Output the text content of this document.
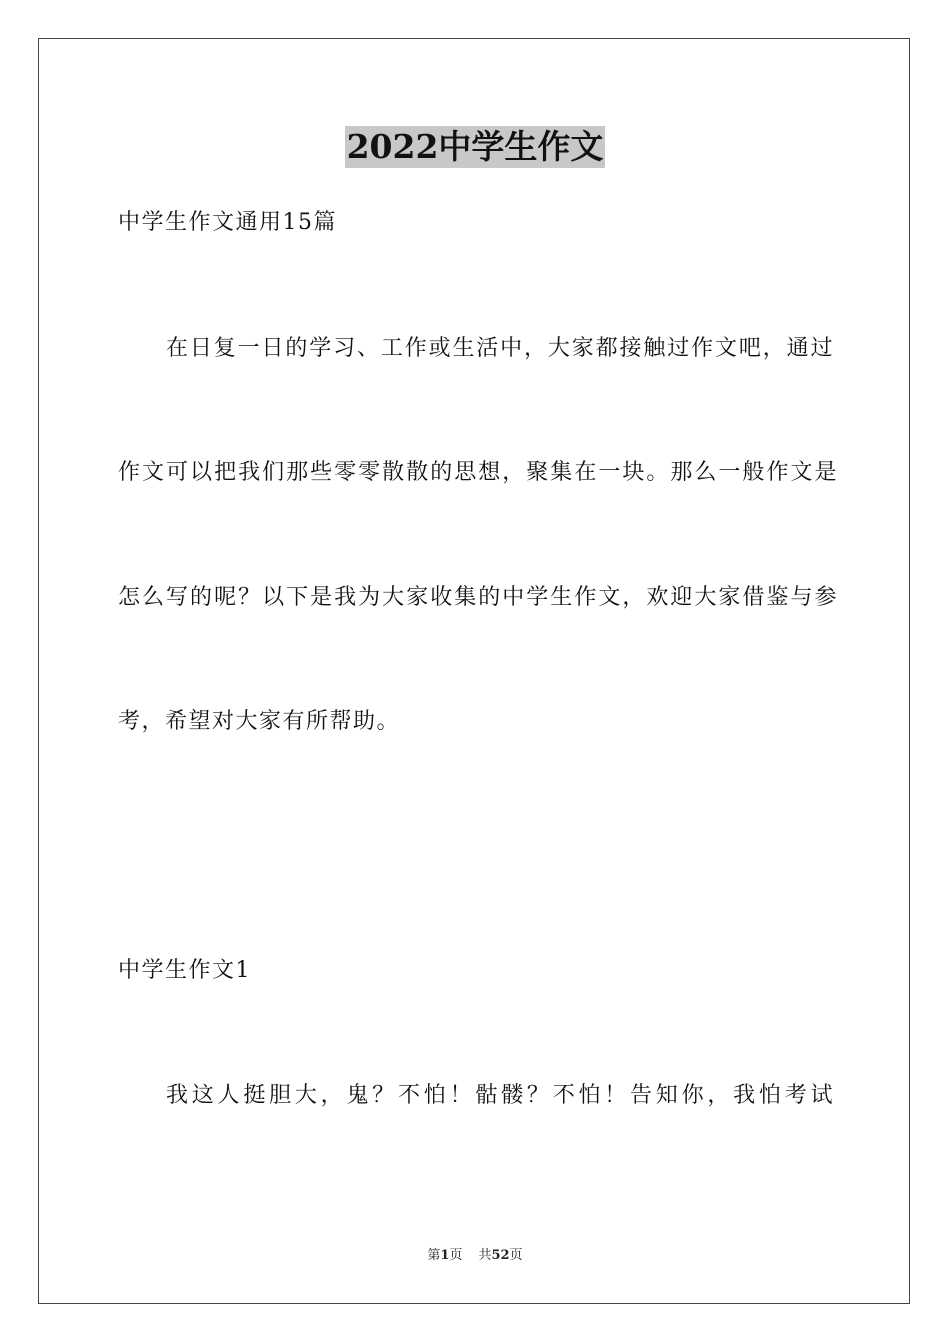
2022中学生作文
中学生作文通用15篇
在日复一日的学习、工作或生活中，大家都接触过作文吧，通过
作文可以把我们那些零零散散的思想，聚集在一块。那么一般作文是
怎么写的呢？以下是我为大家收集的中学生作文，欢迎大家借鉴与参
考，希望对大家有所帮助。
中学生作文1
我这人挺胆大，鬼？不怕！骷髅？不怕！告知你，我怕考试
第1页 共52页
